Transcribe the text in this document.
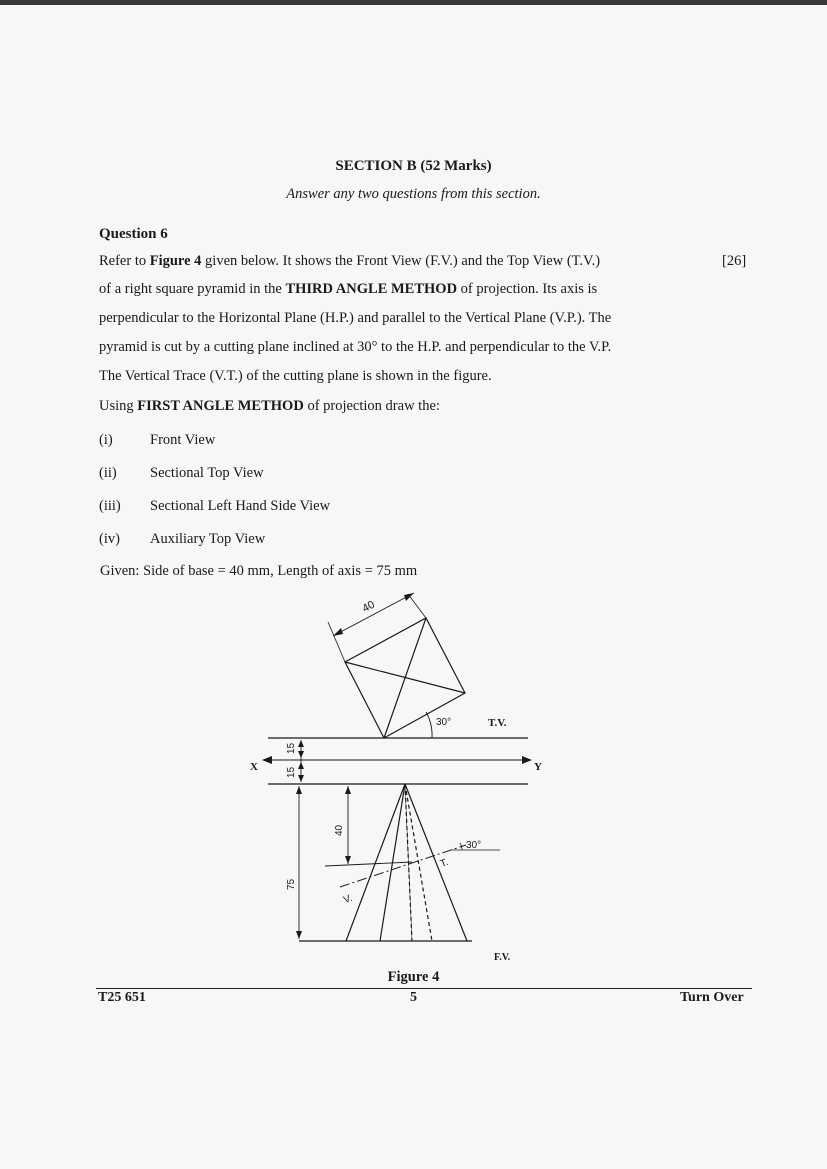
SECTION B (52 Marks)
Answer any two questions from this section.
Question 6
[26]
Refer to Figure 4 given below. It shows the Front View (F.V.) and the Top View (T.V.)
of a right square pyramid in the THIRD ANGLE METHOD of projection. Its axis is
perpendicular to the Horizontal Plane (H.P.) and parallel to the Vertical Plane (V.P.). The
pyramid is cut by a cutting plane inclined at 30° to the H.P. and perpendicular to the V.P.
The Vertical Trace (V.T.) of the cutting plane is shown in the figure.
Using FIRST ANGLE METHOD of projection draw the:
(i)	Front View
(ii) Sectional Top View
(iii) Sectional Left Hand Side View
(iv) Auxiliary Top View
Given: Side of base = 40 mm, Length of axis = 75 mm
40
30°	T.V.
X	Y
15
15
75
40
30°
V.
T.
F.V.
Figure 4
T25 651	5	Turn Over
